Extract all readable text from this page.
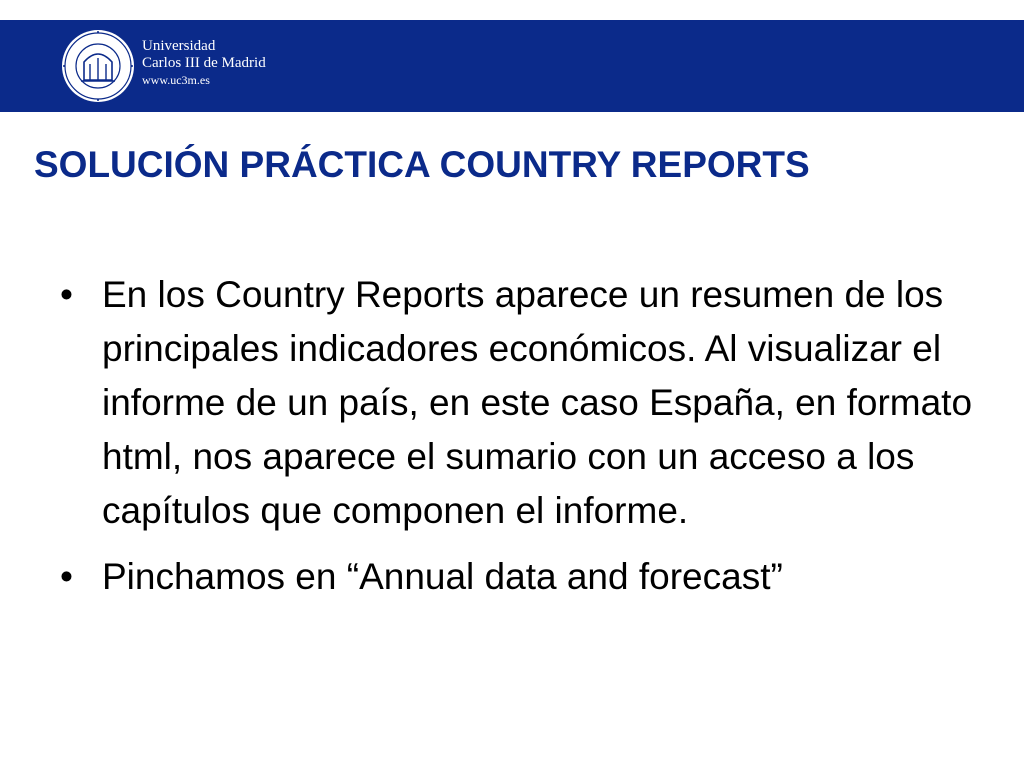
Universidad
Carlos III de Madrid
www.uc3m.es
SOLUCIÓN PRÁCTICA COUNTRY REPORTS
• En los Country Reports aparece un resumen de los principales indicadores económicos. Al visualizar el informe de un país, en este caso España, en formato html, nos aparece el sumario con un acceso a los capítulos que componen el informe.
• Pinchamos en “Annual data and forecast”
